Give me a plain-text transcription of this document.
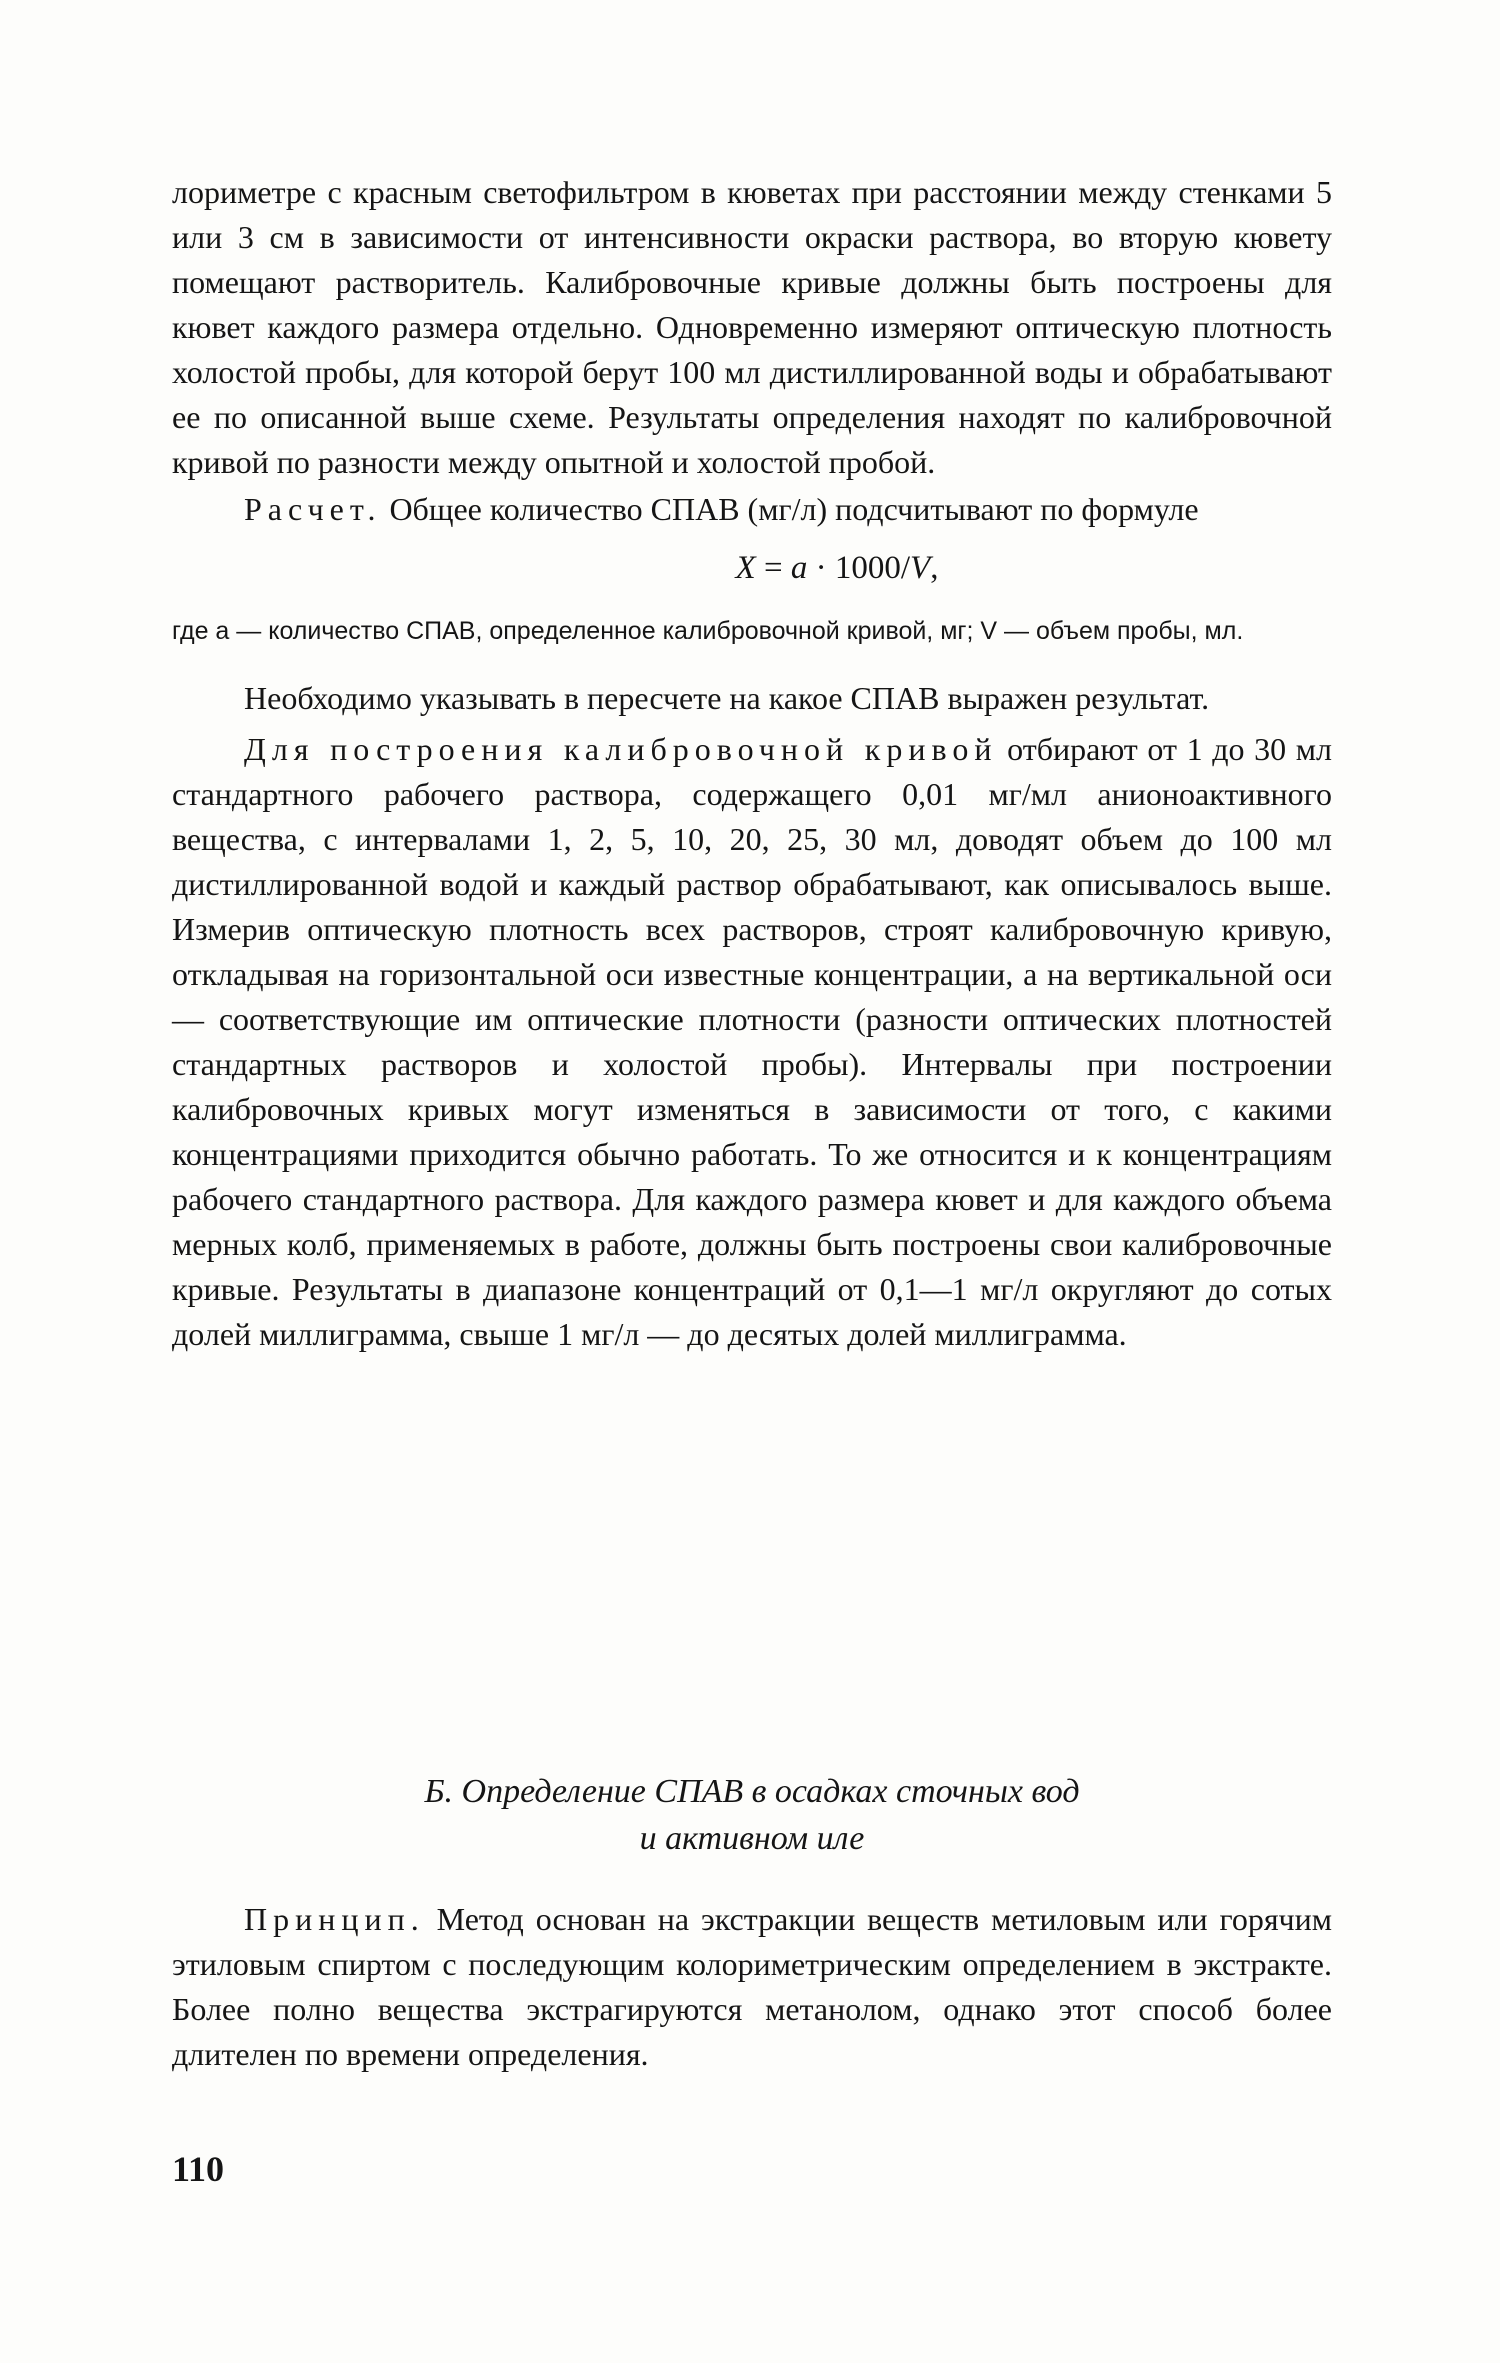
лориметре с красным светофильтром в кюветах при расстоянии между стенками 5 или 3 см в зависимости от интенсивности окраски раствора, во вторую кювету помещают растворитель. Калибровочные кривые должны быть построены для кювет каждого размера отдельно. Одновременно измеряют оптическую плотность холостой пробы, для которой берут 100 мл дистиллированной воды и обрабатывают ее по описанной выше схеме. Результаты определения находят по калибровочной кривой по разности между опытной и холостой пробой.

Расчет. Общее количество СПАВ (мг/л) подсчитывают по формуле

X = a · 1000/V,

где a — количество СПАВ, определенное калибровочной кривой, мг; V — объем пробы, мл.

Необходимо указывать в пересчете на какое СПАВ выражен результат.

Для построения калибровочной кривой отбирают от 1 до 30 мл стандартного рабочего раствора, содержащего 0,01 мг/мл анионоактивного вещества, с интервалами 1, 2, 5, 10, 20, 25, 30 мл, доводят объем до 100 мл дистиллированной водой и каждый раствор обрабатывают, как описывалось выше. Измерив оптическую плотность всех растворов, строят калибровочную кривую, откладывая на горизонтальной оси известные концентрации, а на вертикальной оси — соответствующие им оптические плотности (разности оптических плотностей стандартных растворов и холостой пробы). Интервалы при построении калибровочных кривых могут изменяться в зависимости от того, с какими концентрациями приходится обычно работать. То же относится и к концентрациям рабочего стандартного раствора. Для каждого размера кювет и для каждого объема мерных колб, применяемых в работе, должны быть построены свои калибровочные кривые. Результаты в диапазоне концентраций от 0,1—1 мг/л округляют до сотых долей миллиграмма, свыше 1 мг/л — до десятых долей миллиграмма.

Б. Определение СПАВ в осадках сточных вод

и активном иле

Принцип. Метод основан на экстракции веществ метиловым или горячим этиловым спиртом с последующим колориметрическим определением в экстракте. Более полно вещества экстрагируются метанолом, однако этот способ более длителен по времени определения.

110
